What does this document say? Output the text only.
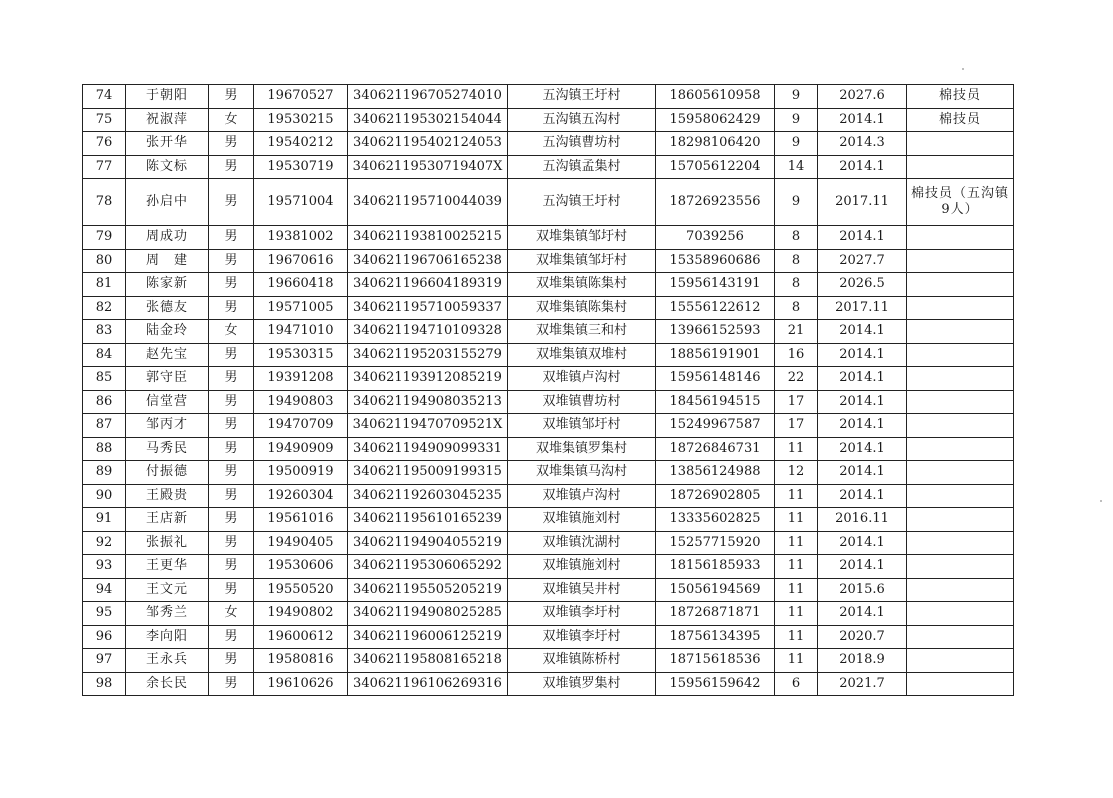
74	于朝阳	男	19670527	340621196705274010	五沟镇王圩村	18605610958	9	2027.6	棉技员
75	祝淑萍	女	19530215	340621195302154044	五沟镇五沟村	15958062429	9	2014.1	棉技员
76	张开华	男	19540212	340621195402124053	五沟镇曹坊村	18298106420	9	2014.3	
77	陈文标	男	19530719	34062119530719407X	五沟镇孟集村	15705612204	14	2014.1	
78	孙启中	男	19571004	340621195710044039	五沟镇王圩村	18726923556	9	2017.11	棉技员（五沟镇9人）
79	周成功	男	19381002	340621193810025215	双堆集镇邹圩村	7039256	8	2014.1	
80	周　建	男	19670616	340621196706165238	双堆集镇邹圩村	15358960686	8	2027.7	
81	陈家新	男	19660418	340621196604189319	双堆集镇陈集村	15956143191	8	2026.5	
82	张德友	男	19571005	340621195710059337	双堆集镇陈集村	15556122612	8	2017.11	
83	陆金玲	女	19471010	340621194710109328	双堆集镇三和村	13966152593	21	2014.1	
84	赵先宝	男	19530315	340621195203155279	双堆集镇双堆村	18856191901	16	2014.1	
85	郭守臣	男	19391208	340621193912085219	双堆镇卢沟村	15956148146	22	2014.1	
86	信堂营	男	19490803	340621194908035213	双堆镇曹坊村	18456194515	17	2014.1	
87	邹丙才	男	19470709	34062119470709521X	双堆镇邹圩村	15249967587	17	2014.1	
88	马秀民	男	19490909	340621194909099331	双堆集镇罗集村	18726846731	11	2014.1	
89	付振德	男	19500919	340621195009199315	双堆集镇马沟村	13856124988	12	2014.1	
90	王殿贵	男	19260304	340621192603045235	双堆镇卢沟村	18726902805	11	2014.1	
91	王店新	男	19561016	340621195610165239	双堆镇施刘村	13335602825	11	2016.11	
92	张振礼	男	19490405	340621194904055219	双堆镇沈湖村	15257715920	11	2014.1	
93	王更华	男	19530606	340621195306065292	双堆镇施刘村	18156185933	11	2014.1	
94	王文元	男	19550520	340621195505205219	双堆镇吴井村	15056194569	11	2015.6	
95	邹秀兰	女	19490802	340621194908025285	双堆镇李圩村	18726871871	11	2014.1	
96	李向阳	男	19600612	340621196006125219	双堆镇李圩村	18756134395	11	2020.7	
97	王永兵	男	19580816	340621195808165218	双堆镇陈桥村	18715618536	11	2018.9	
98	余长民	男	19610626	340621196106269316	双堆镇罗集村	15956159642	6	2021.7	
